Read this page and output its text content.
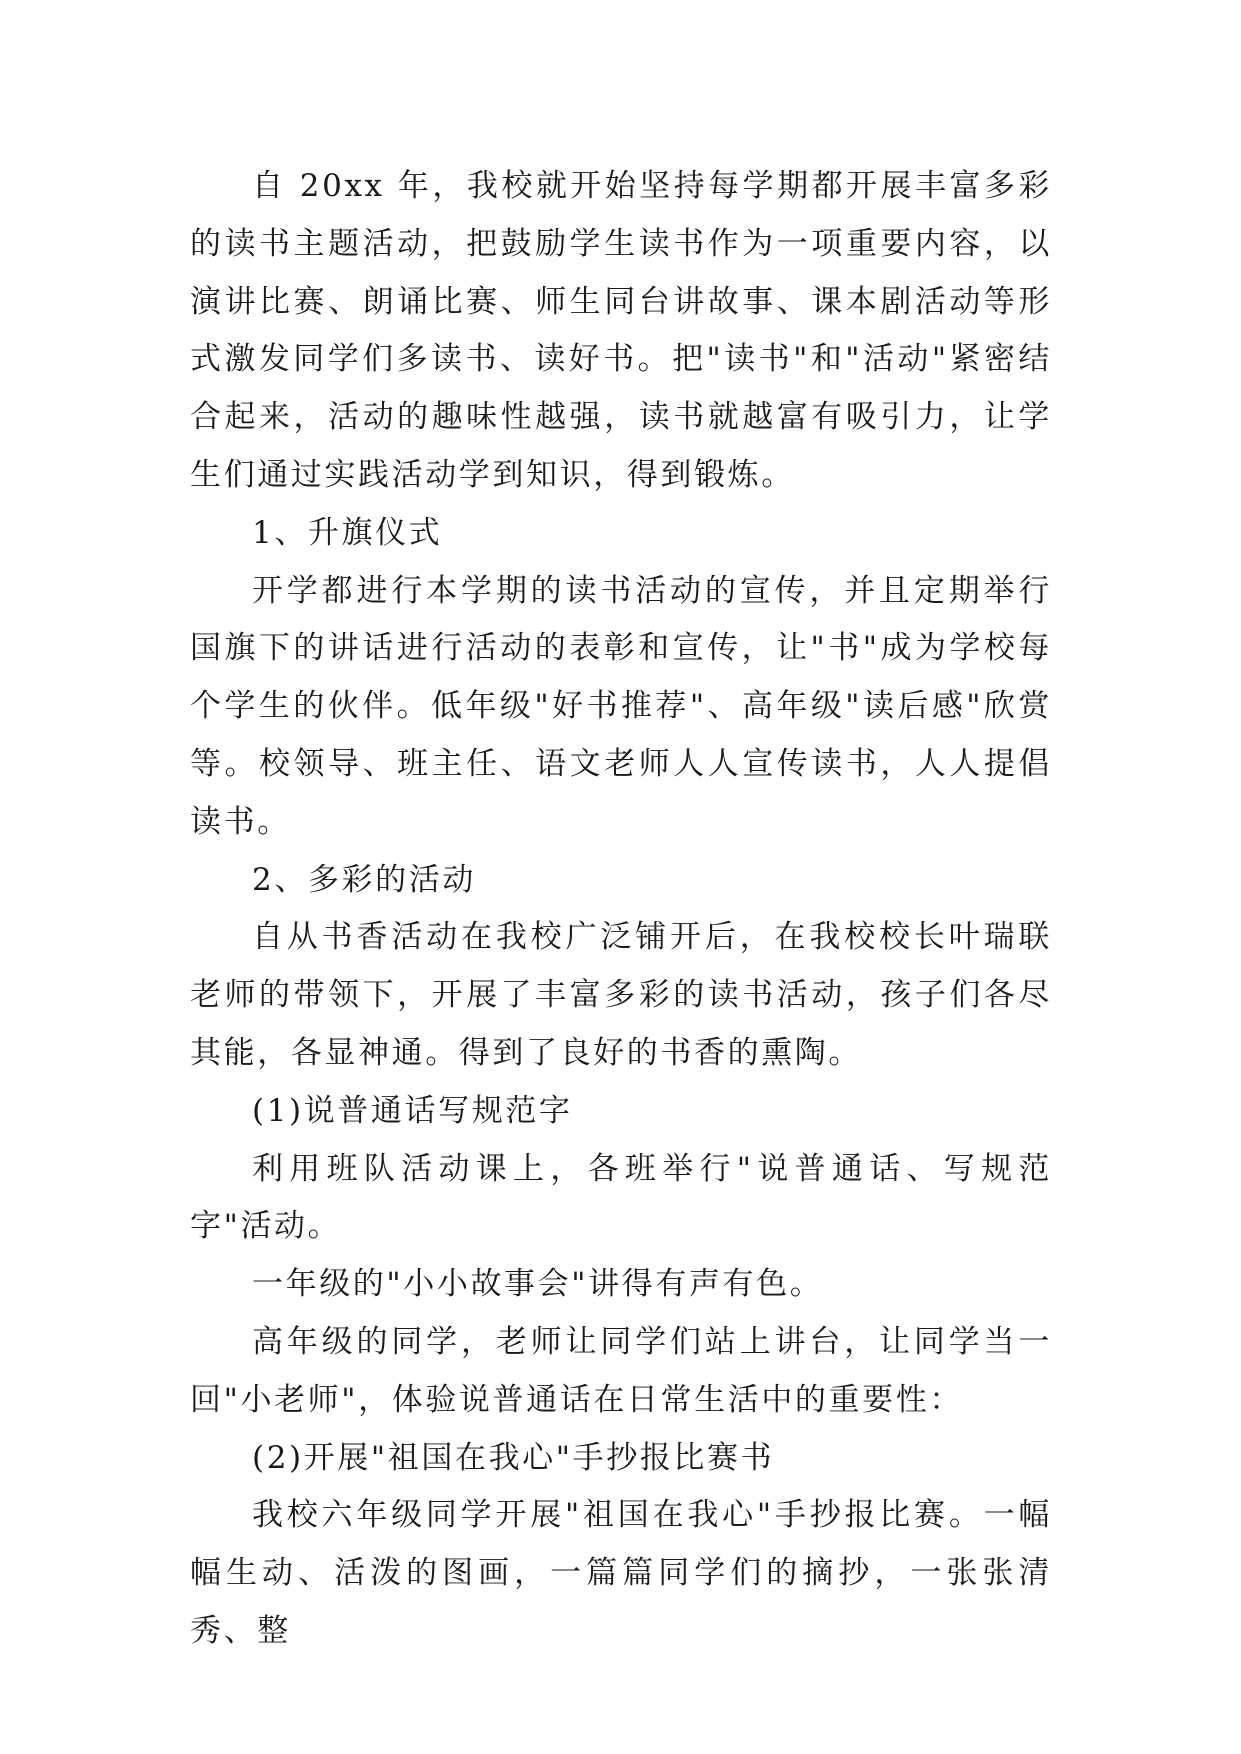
自 20xx 年，我校就开始坚持每学期都开展丰富多彩的读书主题活动，把鼓励学生读书作为一项重要内容，以演讲比赛、朗诵比赛、师生同台讲故事、课本剧活动等形式激发同学们多读书、读好书。把"读书"和"活动"紧密结合起来，活动的趣味性越强，读书就越富有吸引力，让学生们通过实践活动学到知识，得到锻炼。

1、升旗仪式

开学都进行本学期的读书活动的宣传，并且定期举行国旗下的讲话进行活动的表彰和宣传，让"书"成为学校每个学生的伙伴。低年级"好书推荐"、高年级"读后感"欣赏等。校领导、班主任、语文老师人人宣传读书，人人提倡读书。

2、多彩的活动

自从书香活动在我校广泛铺开后，在我校校长叶瑞联老师的带领下，开展了丰富多彩的读书活动，孩子们各尽其能，各显神通。得到了良好的书香的熏陶。

(1)说普通话写规范字

利用班队活动课上，各班举行"说普通话、写规范字"活动。

一年级的"小小故事会"讲得有声有色。

高年级的同学，老师让同学们站上讲台，让同学当一回"小老师"，体验说普通话在日常生活中的重要性：

(2)开展"祖国在我心"手抄报比赛书

我校六年级同学开展"祖国在我心"手抄报比赛。一幅幅生动、活泼的图画，一篇篇同学们的摘抄，一张张清秀、整
